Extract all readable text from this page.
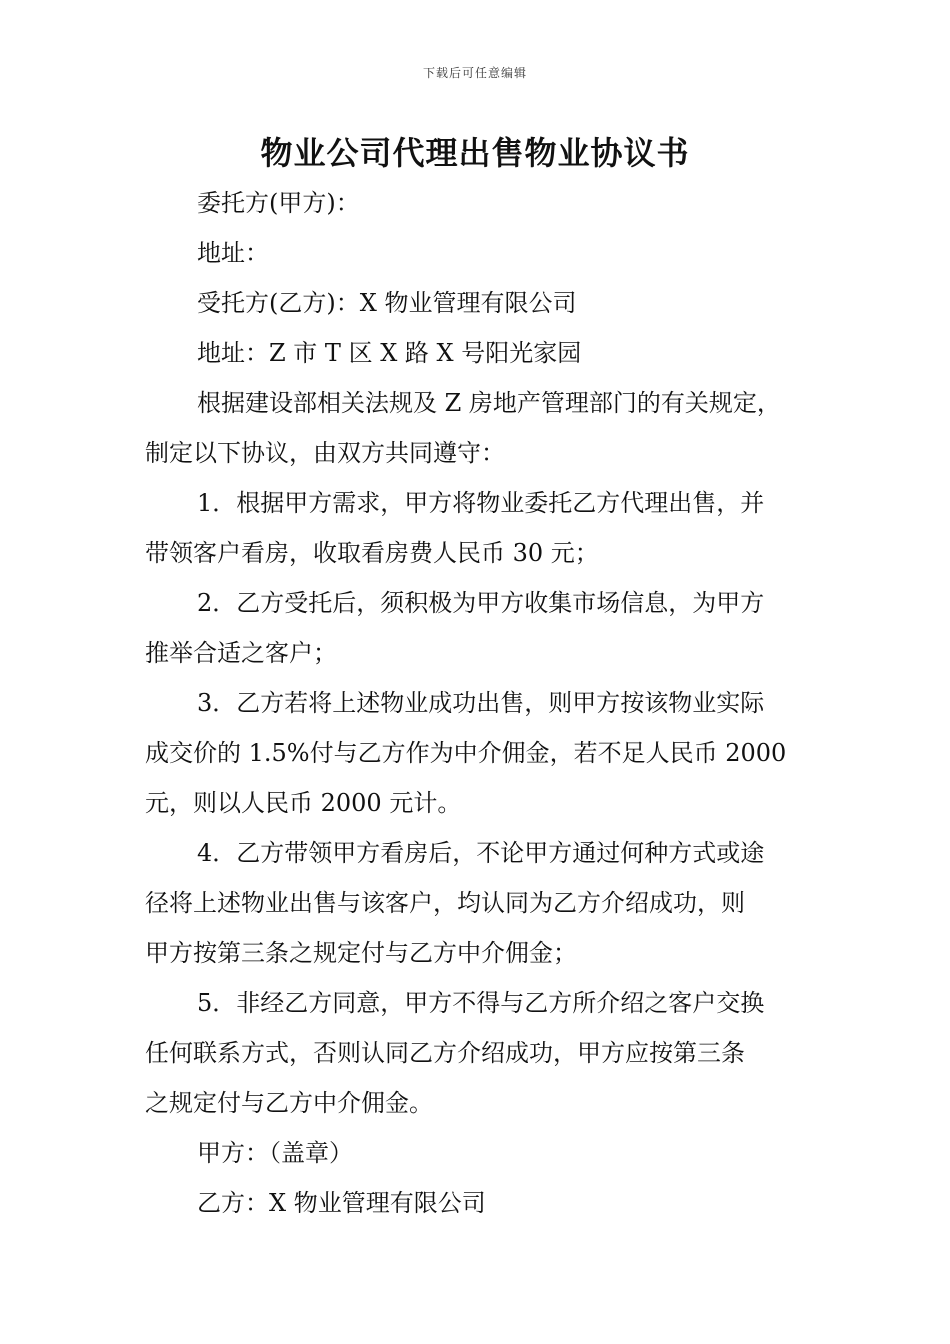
下载后可任意编辑
物业公司代理出售物业协议书
委托方(甲方)：
地址：
受托方(乙方)：X 物业管理有限公司
地址：Z 市 T 区 X 路 X 号阳光家园
根据建设部相关法规及 Z 房地产管理部门的有关规定，
制定以下协议，由双方共同遵守：
1．根据甲方需求，甲方将物业委托乙方代理出售，并
带领客户看房，收取看房费人民币 30 元；
2．乙方受托后，须积极为甲方收集市场信息，为甲方
推举合适之客户；
3．乙方若将上述物业成功出售，则甲方按该物业实际
成交价的 1.5%付与乙方作为中介佣金，若不足人民币 2000
元，则以人民币 2000 元计。
4．乙方带领甲方看房后，不论甲方通过何种方式或途
径将上述物业出售与该客户，均认同为乙方介绍成功，则
甲方按第三条之规定付与乙方中介佣金；
5．非经乙方同意，甲方不得与乙方所介绍之客户交换
任何联系方式，否则认同乙方介绍成功，甲方应按第三条
之规定付与乙方中介佣金。
甲方：（盖章）
乙方：X 物业管理有限公司
